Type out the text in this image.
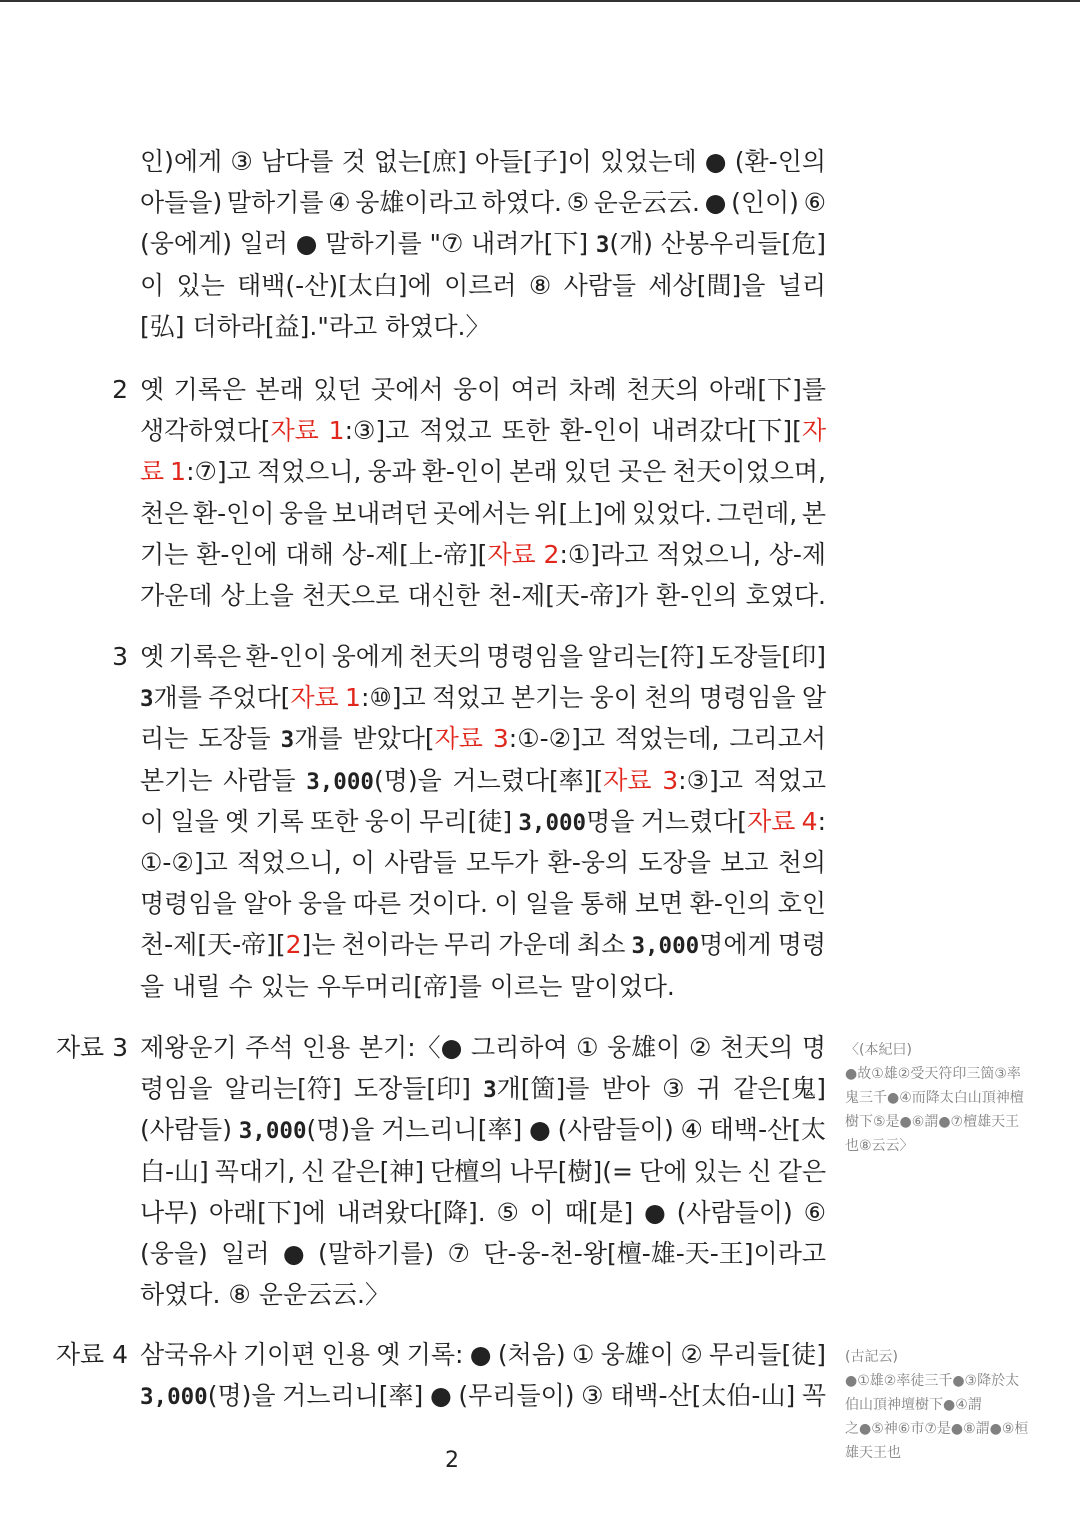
인)에게 ③ 남다를 것 없는[庶] 아들[子]이 있었는데 ● (환-인의
아들을) 말하기를 ④ 웅雄이라고 하였다. ⑤ 운운云云. ● (인이) ⑥
(웅에게) 일러 ● 말하기를 "⑦ 내려가[下] 3(개) 산봉우리들[危]
이 있는 태백(-산)[太白]에 이르러 ⑧ 사람들 세상[間]을 널리
[弘] 더하라[益]."라고 하였다.〉
2 옛 기록은 본래 있던 곳에서 웅이 여러 차례 천天의 아래[下]를
생각하였다[자료 1:③]고 적었고 또한 환-인이 내려갔다[下][자
료 1:⑦]고 적었으니, 웅과 환-인이 본래 있던 곳은 천天이었으며,
천은 환-인이 웅을 보내려던 곳에서는 위[上]에 있었다. 그런데, 본
기는 환-인에 대해 상-제[上-帝][자료 2:①]라고 적었으니, 상-제
가운데 상上을 천天으로 대신한 천-제[天-帝]가 환-인의 호였다.
3 옛 기록은 환-인이 웅에게 천天의 명령임을 알리는[符] 도장들[印]
3개를 주었다[자료 1:⑩]고 적었고 본기는 웅이 천의 명령임을 알
리는 도장들 3개를 받았다[자료 3:①-②]고 적었는데, 그리고서
본기는 사람들 3,000(명)을 거느렸다[率][자료 3:③]고 적었고
이 일을 옛 기록 또한 웅이 무리[徒] 3,000명을 거느렸다[자료 4:
①-②]고 적었으니, 이 사람들 모두가 환-웅의 도장을 보고 천의
명령임을 알아 웅을 따른 것이다. 이 일을 통해 보면 환-인의 호인
천-제[天-帝][2]는 천이라는 무리 가운데 최소 3,000명에게 명령
을 내릴 수 있는 우두머리[帝]를 이르는 말이었다.
자료 3 제왕운기 주석 인용 본기:〈● 그리하여 ① 웅雄이 ② 천天의 명
령임을 알리는[符] 도장들[印] 3개[箇]를 받아 ③ 귀 같은[鬼]
(사람들) 3,000(명)을 거느리니[率] ● (사람들이) ④ 태백-산[太
白-山] 꼭대기, 신 같은[神] 단檀의 나무[樹](= 단에 있는 신 같은
나무) 아래[下]에 내려왔다[降]. ⑤ 이 때[是] ● (사람들이) ⑥
(웅을) 일러 ● (말하기를) ⑦ 단-웅-천-왕[檀-雄-天-王]이라고
하였다. ⑧ 운운云云.〉
〈(本紀曰)
●故①雄②受天符印三箇③率
鬼三千●④而降太白山頂神檀
樹下⑤是●⑥謂●⑦檀雄天王
也⑧云云〉
자료 4 삼국유사 기이편 인용 옛 기록: ● (처음) ① 웅雄이 ② 무리들[徒]
3,000(명)을 거느리니[率] ● (무리들이) ③ 태백-산[太伯-山] 꼭
(古記云)
●①雄②率徒三千●③降於太
伯山頂神壇樹下●④謂
之●⑤神⑥市⑦是●⑧謂●⑨桓
雄天王也
2
